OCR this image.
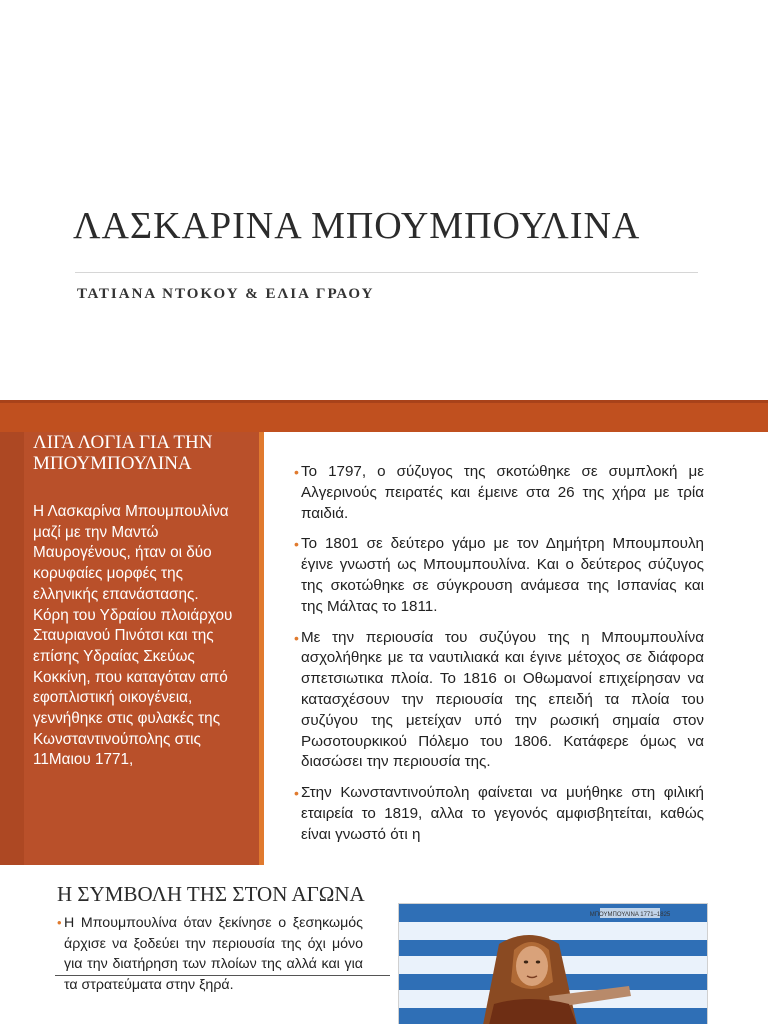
ΛΑΣΚΑΡΙΝΑ ΜΠΟΥΜΠΟΥΛΙΝΑ
ΤΑΤΙΑΝΑ ΝΤΟΚΟΥ & ΕΛΙΑ ΓΡΑΟΥ
ΛΙΓΑ ΛΟΓΙΑ ΓΙΑ ΤΗΝ ΜΠΟΥΜΠΟΥΛΙΝΑ

Η Λασκαρίνα Μπουμπουλίνα μαζί με την Μαντώ Μαυρογένους, ήταν οι δύο κορυφαίες μορφές της ελληνικής επανάστασης. Κόρη του Υδραίου πλοιάρχου Σταυριανού Πινότσι και της επίσης Υδραίας Σκεύως Κοκκίνη, που καταγόταν από εφοπλιστική οικογένεια, γεννήθηκε στις φυλακές της Κωνσταντινούπολης στις 11Μαιου 1771,

• Το 1797, ο σύζυγος της σκοτώθηκε σε συμπλοκή με Αλγερινούς πειρατές και έμεινε στα 26 της χήρα με τρία παιδιά.
• Το 1801 σε δεύτερο γάμο με τον Δημήτρη Μπουμπουλη έγινε γνωστή ως Μπουμπουλίνα. Και ο δεύτερος σύζυγος της σκοτώθηκε σε σύγκρουση ανάμεσα της Ισπανίας και της Μάλτας το 1811.
• Με την περιουσία του συζύγου της η Μπουμπουλίνα ασχολήθηκε με τα ναυτιλιακά και έγινε μέτοχος σε διάφορα σπετσιωτικα πλοία. Το 1816 οι Οθωμανοί επιχείρησαν να κατασχέσουν την περιουσία της επειδή τα πλοία του συζύγου της μετείχαν υπό την ρωσική σημαία στον Ρωσοτουρκικού Πόλεμο του 1806. Κατάφερε όμως να διασώσει την περιουσία της.
• Στην Κωνσταντινούπολη φαίνεται να μυήθηκε στη φιλική εταιρεία το 1819, αλλα το γεγονός αμφισβητείται, καθώς είναι γνωστό ότι η
Η ΣΥΜΒΟΛΗ ΤΗΣ ΣΤΟΝ ΑΓΩΝΑ
• Η Μπουμπουλίνα όταν ξεκίνησε ο ξεσηκωμός άρχισε να ξοδεύει την περιουσία της όχι μόνο για την διατήρηση των πλοίων της αλλά και για τα στρατεύματα στην ξηρά.
ΜΠΟΥΜΠΟΥΛΙΝΑ 1771–1825
